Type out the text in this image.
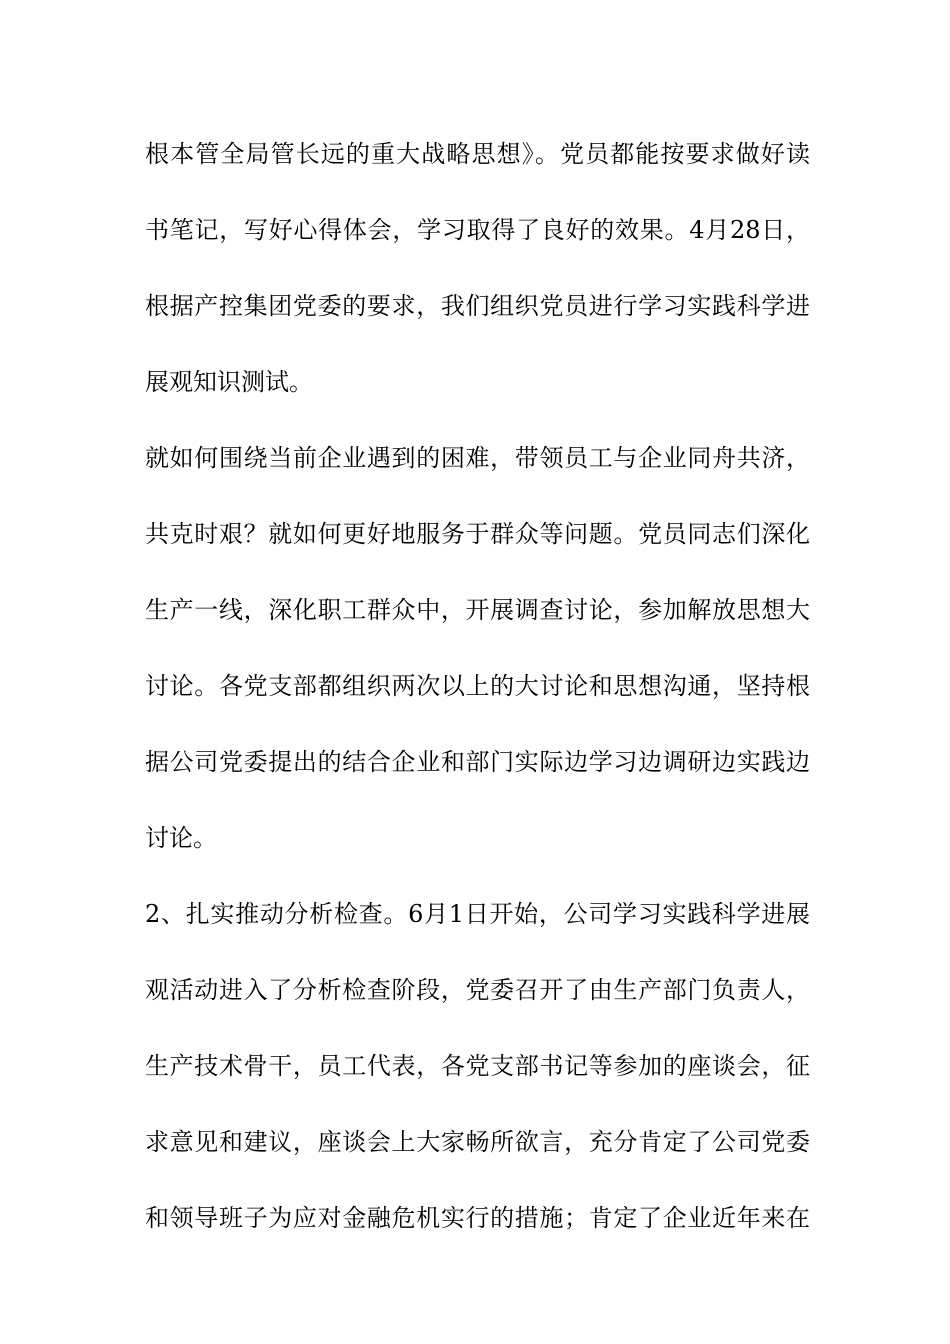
根本管全局管长远的重大战略思想》。党员都能按要求做好读
书笔记，写好心得体会，学习取得了良好的效果。4月28日，
根据产控集团党委的要求，我们组织党员进行学习实践科学进
展观知识测试。
就如何围绕当前企业遇到的困难，带领员工与企业同舟共济，
共克时艰？就如何更好地服务于群众等问题。党员同志们深化
生产一线，深化职工群众中，开展调查讨论，参加解放思想大
讨论。各党支部都组织两次以上的大讨论和思想沟通，坚持根
据公司党委提出的结合企业和部门实际边学习边调研边实践边
讨论。
2、扎实推动分析检查。6月1日开始，公司学习实践科学进展
观活动进入了分析检查阶段，党委召开了由生产部门负责人，
生产技术骨干，员工代表，各党支部书记等参加的座谈会，征
求意见和建议，座谈会上大家畅所欲言，充分肯定了公司党委
和领导班子为应对金融危机实行的措施；肯定了企业近年来在
